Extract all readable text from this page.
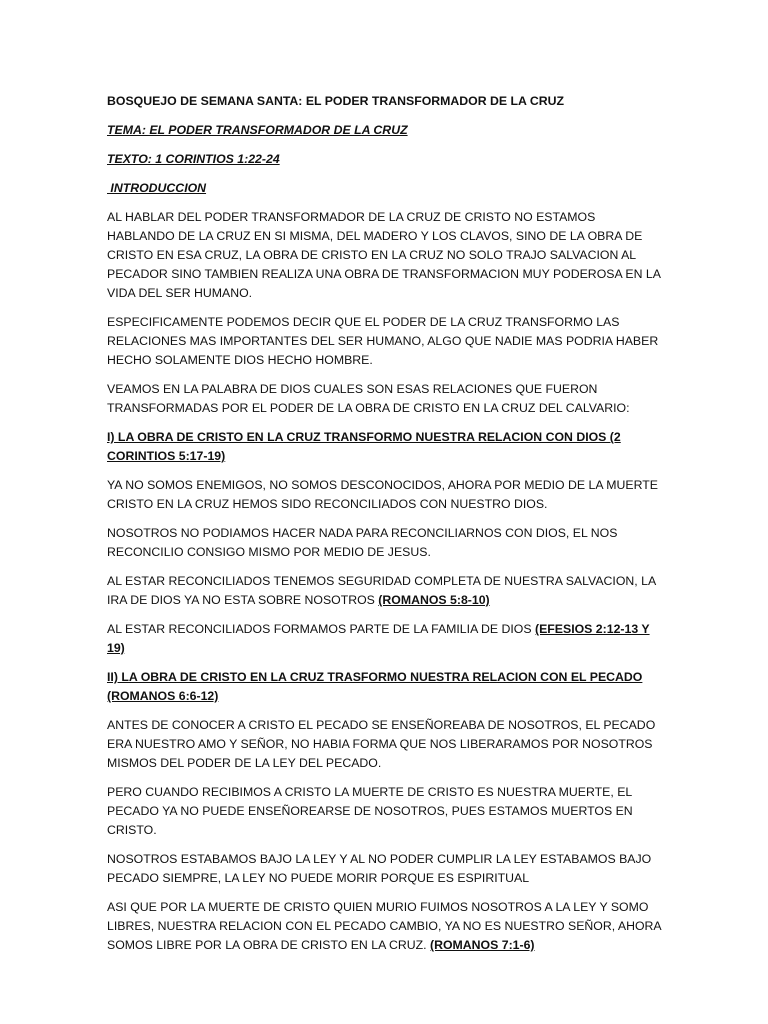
BOSQUEJO DE SEMANA SANTA: EL PODER TRANSFORMADOR DE LA CRUZ

TEMA: EL PODER TRANSFORMADOR DE LA CRUZ

TEXTO: 1 CORINTIOS 1:22-24

INTRODUCCION

AL HABLAR DEL PODER TRANSFORMADOR DE LA CRUZ DE CRISTO NO ESTAMOS HABLANDO DE LA CRUZ EN SI MISMA, DEL MADERO Y LOS CLAVOS, SINO DE LA OBRA DE CRISTO EN ESA CRUZ, LA OBRA DE CRISTO EN LA CRUZ NO SOLO TRAJO SALVACION AL PECADOR SINO TAMBIEN REALIZA UNA OBRA DE TRANSFORMACION MUY PODEROSA EN LA VIDA DEL SER HUMANO.

ESPECIFICAMENTE PODEMOS DECIR QUE EL PODER DE LA CRUZ TRANSFORMO LAS RELACIONES MAS IMPORTANTES DEL SER HUMANO, ALGO QUE NADIE MAS PODRIA HABER HECHO SOLAMENTE DIOS HECHO HOMBRE.

VEAMOS EN LA PALABRA DE DIOS CUALES SON ESAS RELACIONES QUE FUERON TRANSFORMADAS POR EL PODER DE LA OBRA DE CRISTO EN LA CRUZ DEL CALVARIO:

I) LA OBRA DE CRISTO EN LA CRUZ TRANSFORMO NUESTRA RELACION CON DIOS (2 CORINTIOS 5:17-19)

YA NO SOMOS ENEMIGOS, NO SOMOS DESCONOCIDOS, AHORA POR MEDIO DE LA MUERTE CRISTO EN LA CRUZ HEMOS SIDO RECONCILIADOS CON NUESTRO DIOS.

NOSOTROS NO PODIAMOS HACER NADA PARA RECONCILIARNOS CON DIOS, EL NOS RECONCILIO CONSIGO MISMO POR MEDIO DE JESUS.

AL ESTAR RECONCILIADOS TENEMOS SEGURIDAD COMPLETA DE NUESTRA SALVACION, LA IRA DE DIOS YA NO ESTA SOBRE NOSOTROS (ROMANOS 5:8-10)

AL ESTAR RECONCILIADOS FORMAMOS PARTE DE LA FAMILIA DE DIOS (EFESIOS 2:12-13 Y 19)

II) LA OBRA DE CRISTO EN LA CRUZ TRASFORMO NUESTRA RELACION CON EL PECADO (ROMANOS 6:6-12)

ANTES DE CONOCER A CRISTO EL PECADO SE ENSEÑOREABA DE NOSOTROS, EL PECADO ERA NUESTRO AMO Y SEÑOR, NO HABIA FORMA QUE NOS LIBERARAMOS POR NOSOTROS MISMOS DEL PODER DE LA LEY DEL PECADO.

PERO CUANDO RECIBIMOS A CRISTO LA MUERTE DE CRISTO ES NUESTRA MUERTE, EL PECADO YA NO PUEDE ENSEÑOREARSE DE NOSOTROS, PUES ESTAMOS MUERTOS EN CRISTO.

NOSOTROS ESTABAMOS BAJO LA LEY Y AL NO PODER CUMPLIR LA LEY ESTABAMOS BAJO PECADO SIEMPRE, LA LEY NO PUEDE MORIR PORQUE ES ESPIRITUAL

ASI QUE POR LA MUERTE DE CRISTO QUIEN MURIO FUIMOS NOSOTROS A LA LEY Y SOMO LIBRES, NUESTRA RELACION CON EL PECADO CAMBIO, YA NO ES NUESTRO SEÑOR, AHORA SOMOS LIBRE POR LA OBRA DE CRISTO EN LA CRUZ. (ROMANOS 7:1-6)
